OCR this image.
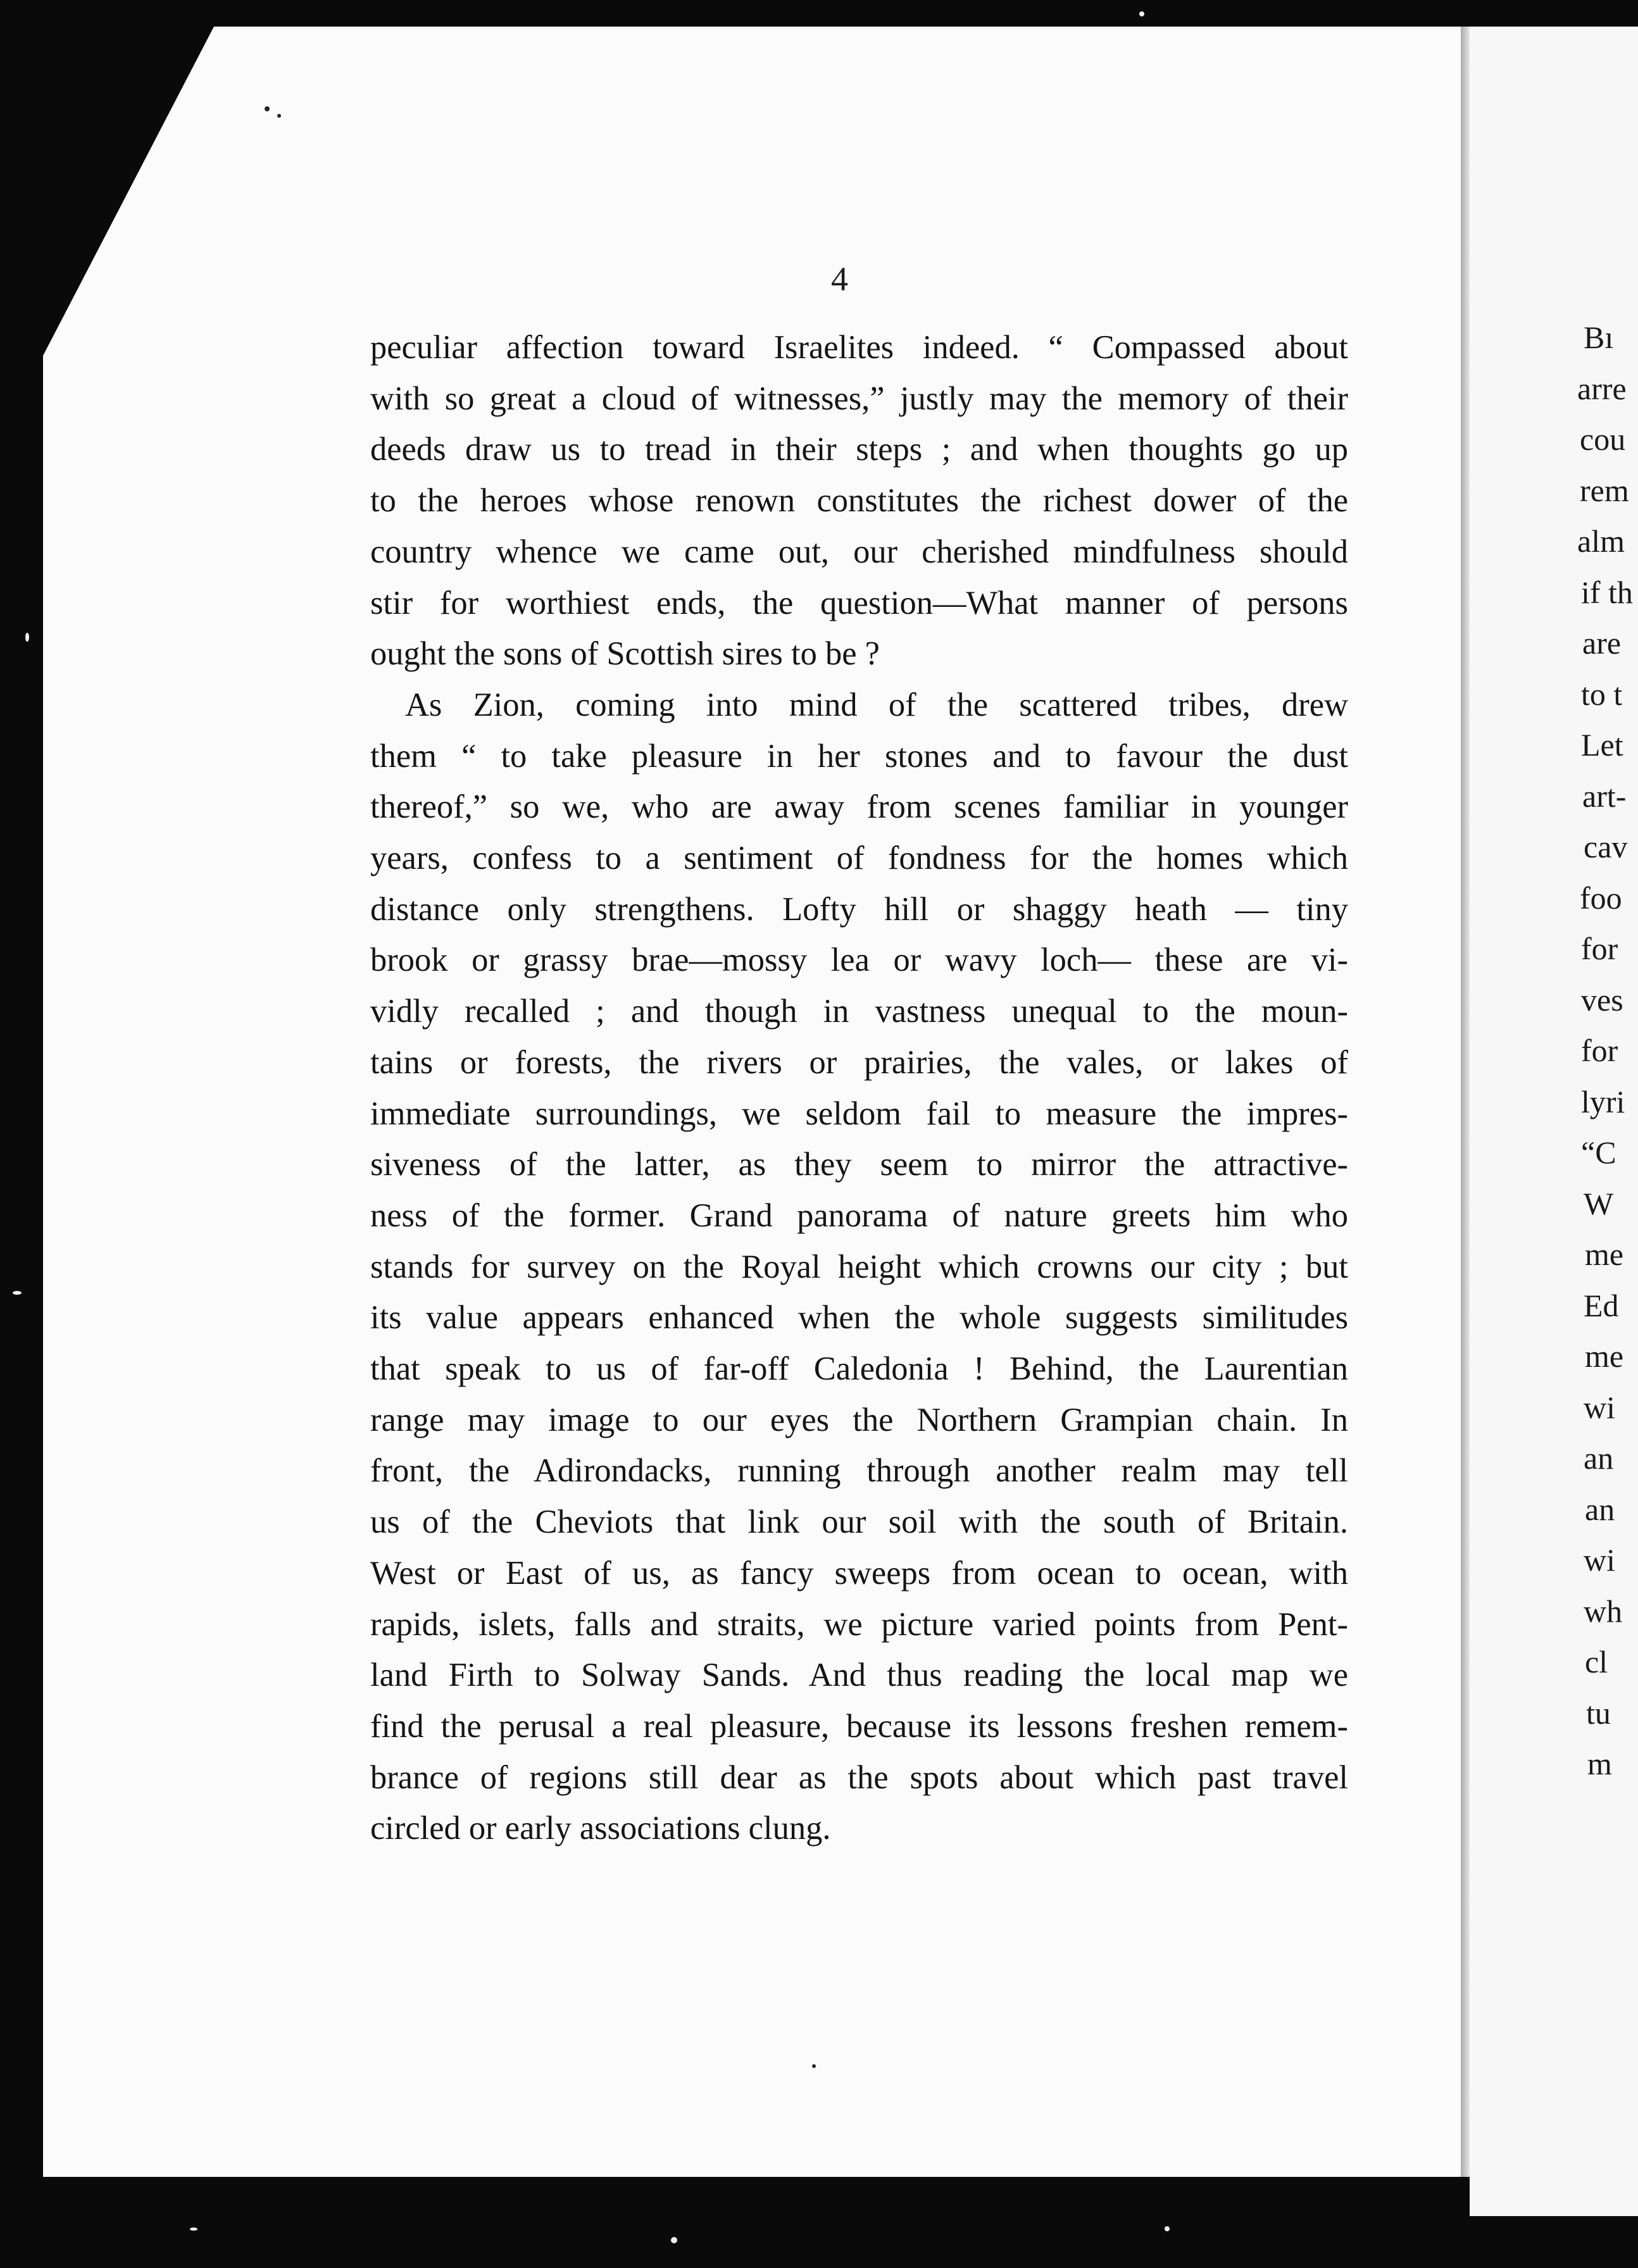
Bı
arre
cou
rem
alm
if th
are
to t
Let
art-
cav
foo
for
ves
for
lyri
“C
W
me
Ed
me
wi
an
an
wi
wh
cl
tu
m
4
peculiar affection toward Israelites indeed. “ Compassed about
with so great a cloud of witnesses,” justly may the memory of their
deeds draw us to tread in their steps ; and when thoughts go up
to the heroes whose renown constitutes the richest dower of the
country whence we came out, our cherished mindfulness should
stir for worthiest ends, the question—What manner of persons
ought the sons of Scottish sires to be ?
As Zion, coming into mind of the scattered tribes, drew
them “ to take pleasure in her stones and to favour the dust
thereof,” so we, who are away from scenes familiar in younger
years, confess to a sentiment of fondness for the homes which
distance only strengthens. Lofty hill or shaggy heath — tiny
brook or grassy brae—mossy lea or wavy loch— these are vi-
vidly recalled ; and though in vastness unequal to the moun-
tains or forests, the rivers or prairies, the vales, or lakes of
immediate surroundings, we seldom fail to measure the impres-
siveness of the latter, as they seem to mirror the attractive-
ness of the former. Grand panorama of nature greets him who
stands for survey on the Royal height which crowns our city ; but
its value appears enhanced when the whole suggests similitudes
that speak to us of far-off Caledonia ! Behind, the Laurentian
range may image to our eyes the Northern Grampian chain. In
front, the Adirondacks, running through another realm may tell
us of the Cheviots that link our soil with the south of Britain.
West or East of us, as fancy sweeps from ocean to ocean, with
rapids, islets, falls and straits, we picture varied points from Pent-
land Firth to Solway Sands. And thus reading the local map we
find the perusal a real pleasure, because its lessons freshen remem-
brance of regions still dear as the spots about which past travel
circled or early associations clung.
